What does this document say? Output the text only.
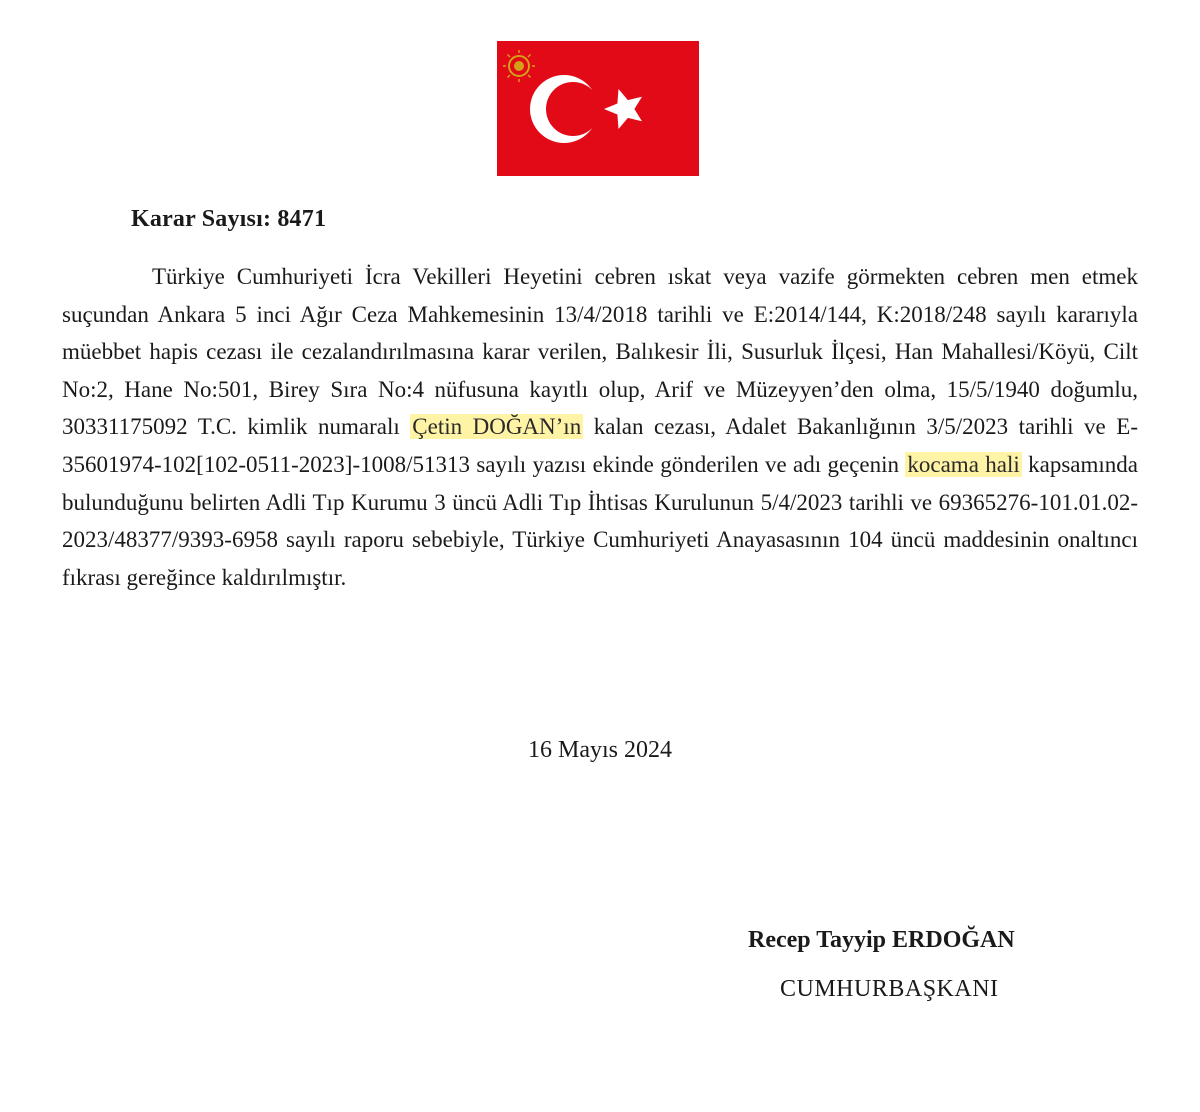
Karar Sayısı: 8471

Türkiye Cumhuriyeti İcra Vekilleri Heyetini cebren ıskat veya vazife görmekten cebren men etmek suçundan Ankara 5 inci Ağır Ceza Mahkemesinin 13/4/2018 tarihli ve E:2014/144, K:2018/248 sayılı kararıyla müebbet hapis cezası ile cezalandırılmasına karar verilen, Balıkesir İli, Susurluk İlçesi, Han Mahallesi/Köyü, Cilt No:2, Hane No:501, Birey Sıra No:4 nüfusuna kayıtlı olup, Arif ve Müzeyyen’den olma, 15/5/1940 doğumlu, 30331175092 T.C. kimlik numaralı Çetin DOĞAN’ın kalan cezası, Adalet Bakanlığının 3/5/2023 tarihli ve E-35601974-102[102-0511-2023]-1008/51313 sayılı yazısı ekinde gönderilen ve adı geçenin kocama hali kapsamında bulunduğunu belirten Adli Tıp Kurumu 3 üncü Adli Tıp İhtisas Kurulunun 5/4/2023 tarihli ve 69365276-101.01.02-2023/48377/9393-6958 sayılı raporu sebebiyle, Türkiye Cumhuriyeti Anayasasının 104 üncü maddesinin onaltıncı fıkrası gereğince kaldırılmıştır.

16 Mayıs 2024
Recep Tayyip ERDOĞAN
CUMHURBAŞKANI
